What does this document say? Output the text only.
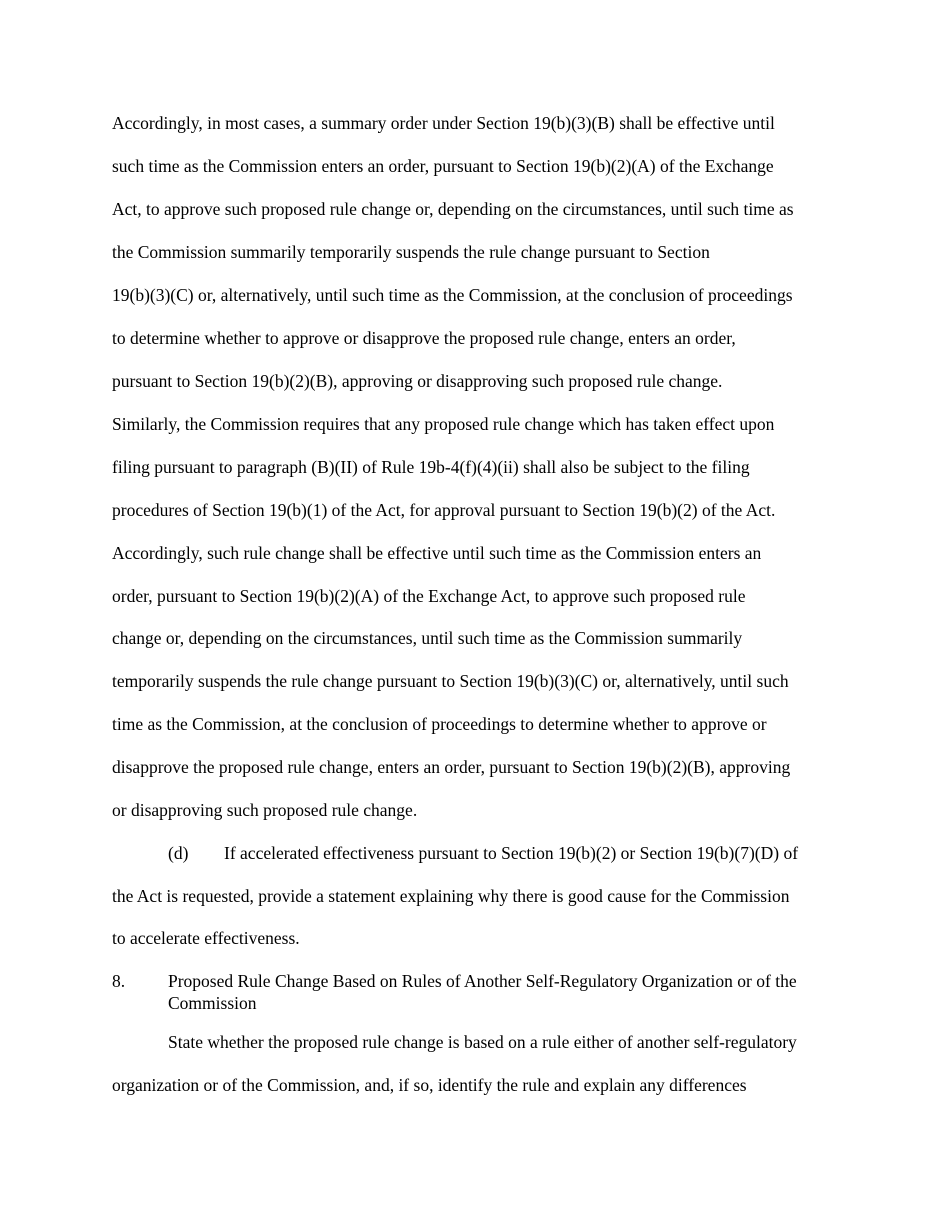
Accordingly, in most cases, a summary order under Section 19(b)(3)(B) shall be effective until
such time as the Commission enters an order, pursuant to Section 19(b)(2)(A) of the Exchange
Act, to approve such proposed rule change or, depending on the circumstances, until such time as
the Commission summarily temporarily suspends the rule change pursuant to Section
19(b)(3)(C) or, alternatively, until such time as the Commission, at the conclusion of proceedings
to determine whether to approve or disapprove the proposed rule change, enters an order,
pursuant to Section 19(b)(2)(B), approving or disapproving such proposed rule change.
Similarly, the Commission requires that any proposed rule change which has taken effect upon
filing pursuant to paragraph (B)(II) of Rule 19b-4(f)(4)(ii) shall also be subject to the filing
procedures of Section 19(b)(1) of the Act, for approval pursuant to Section 19(b)(2) of the Act.
Accordingly, such rule change shall be effective until such time as the Commission enters an
order, pursuant to Section 19(b)(2)(A) of the Exchange Act, to approve such proposed rule
change or, depending on the circumstances, until such time as the Commission summarily
temporarily suspends the rule change pursuant to Section 19(b)(3)(C) or, alternatively, until such
time as the Commission, at the conclusion of proceedings to determine whether to approve or
disapprove the proposed rule change, enters an order, pursuant to Section 19(b)(2)(B), approving
or disapproving such proposed rule change.
(d) If accelerated effectiveness pursuant to Section 19(b)(2) or Section 19(b)(7)(D) of
the Act is requested, provide a statement explaining why there is good cause for the Commission
to accelerate effectiveness.
8. Proposed Rule Change Based on Rules of Another Self-Regulatory Organization or of the
Commission
State whether the proposed rule change is based on a rule either of another self-regulatory
organization or of the Commission, and, if so, identify the rule and explain any differences
